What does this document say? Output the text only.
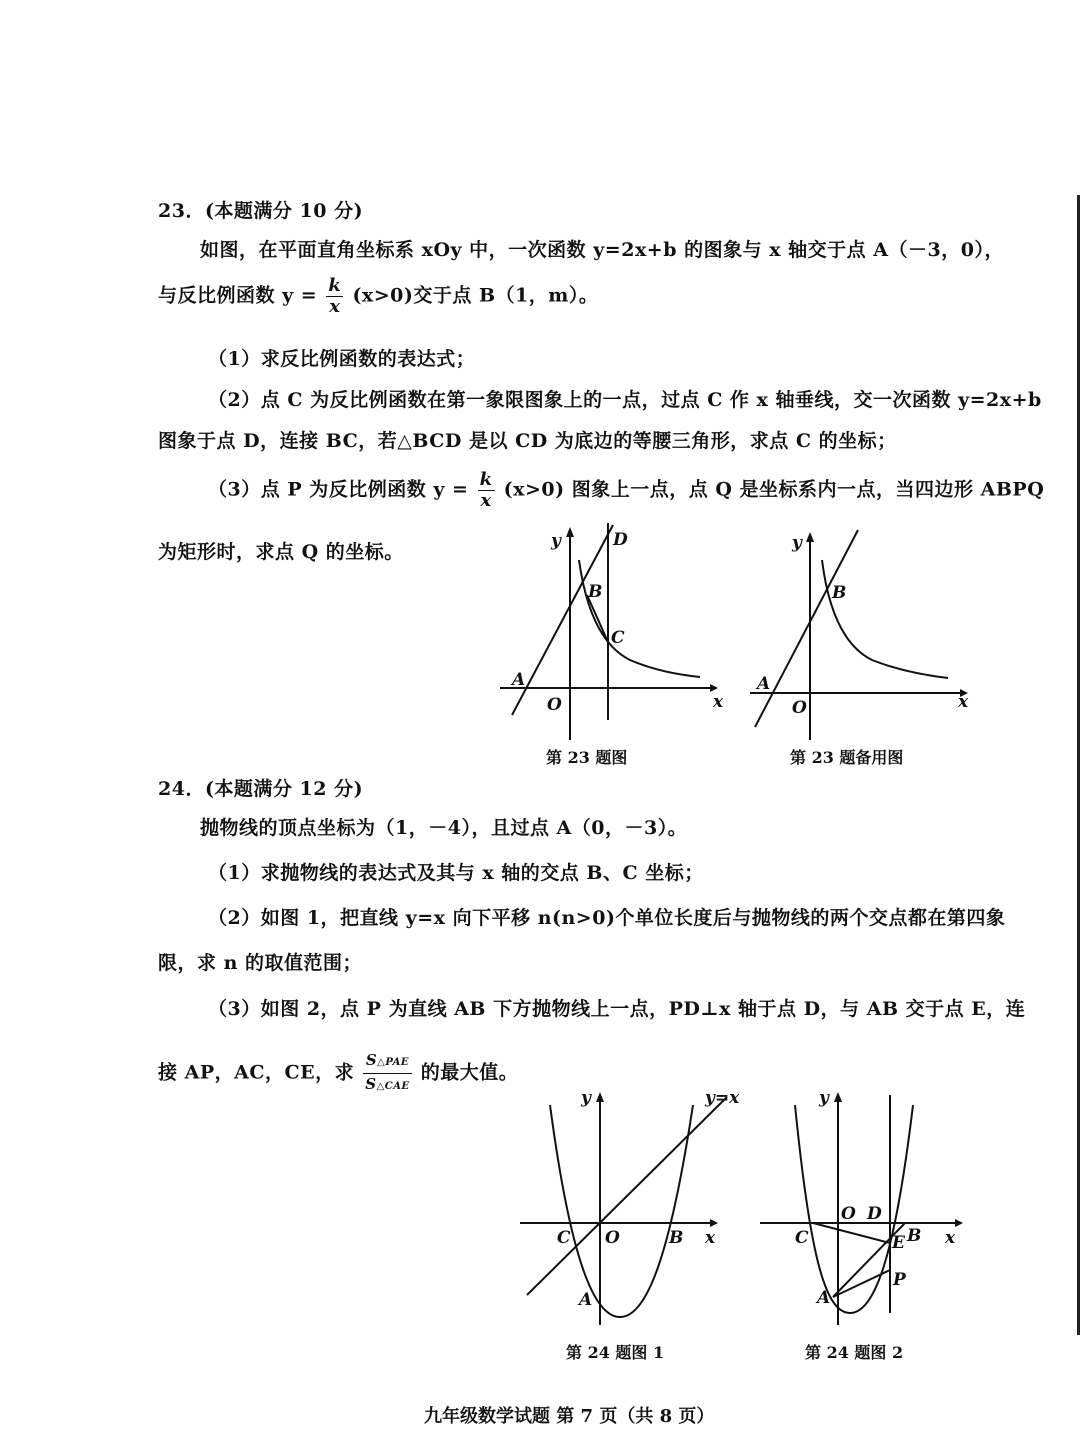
23．(本题满分 10 分)
如图，在平面直角坐标系 xOy 中，一次函数 y=2x+b 的图象与 x 轴交于点 A（－3，0），
与反比例函数 $y = \frac{k}{x} (x>0)$交于点 B（1，m）。
（1）求反比例函数的表达式；
（2）点 C 为反比例函数在第一象限图象上的一点，过点 C 作 x 轴垂线，交一次函数 y=2x+b
图象于点 D，连接 BC，若△BCD 是以 CD 为底边的等腰三角形，求点 C 的坐标；
（3）点 P 为反比例函数 $y = \frac{k}{x} (x>0)$ 图象上一点，点 Q 是坐标系内一点，当四边形 ABPQ
为矩形时，求点 Q 的坐标。	y
x
O
A
B
C
D	y
x
O
A
B
第 23 题图	第 23 题备用图
24．(本题满分 12 分)
抛物线的顶点坐标为（1，－4），且过点 A（0，－3）。
（1）求抛物线的表达式及其与 x 轴的交点 B、C 坐标；
（2）如图 1，把直线 y=x 向下平移 n(n>0)个单位长度后与抛物线的两个交点都在第四象
限，求 n 的取值范围；
（3）如图 2，点 P 为直线 AB 下方抛物线上一点，PD⊥x 轴于点 D，与 AB 交于点 E，连
接 AP，AC，CE，求 $\frac{\text{S△PAE}}{\text{S△CAE}}$ 的最大值。
y	y=x
x
O
C	B
A
y
x
O D
C	B
E
P
A
第 24 题图 1	第 24 题图 2
九年级数学试题 第 7 页（共 8 页）
